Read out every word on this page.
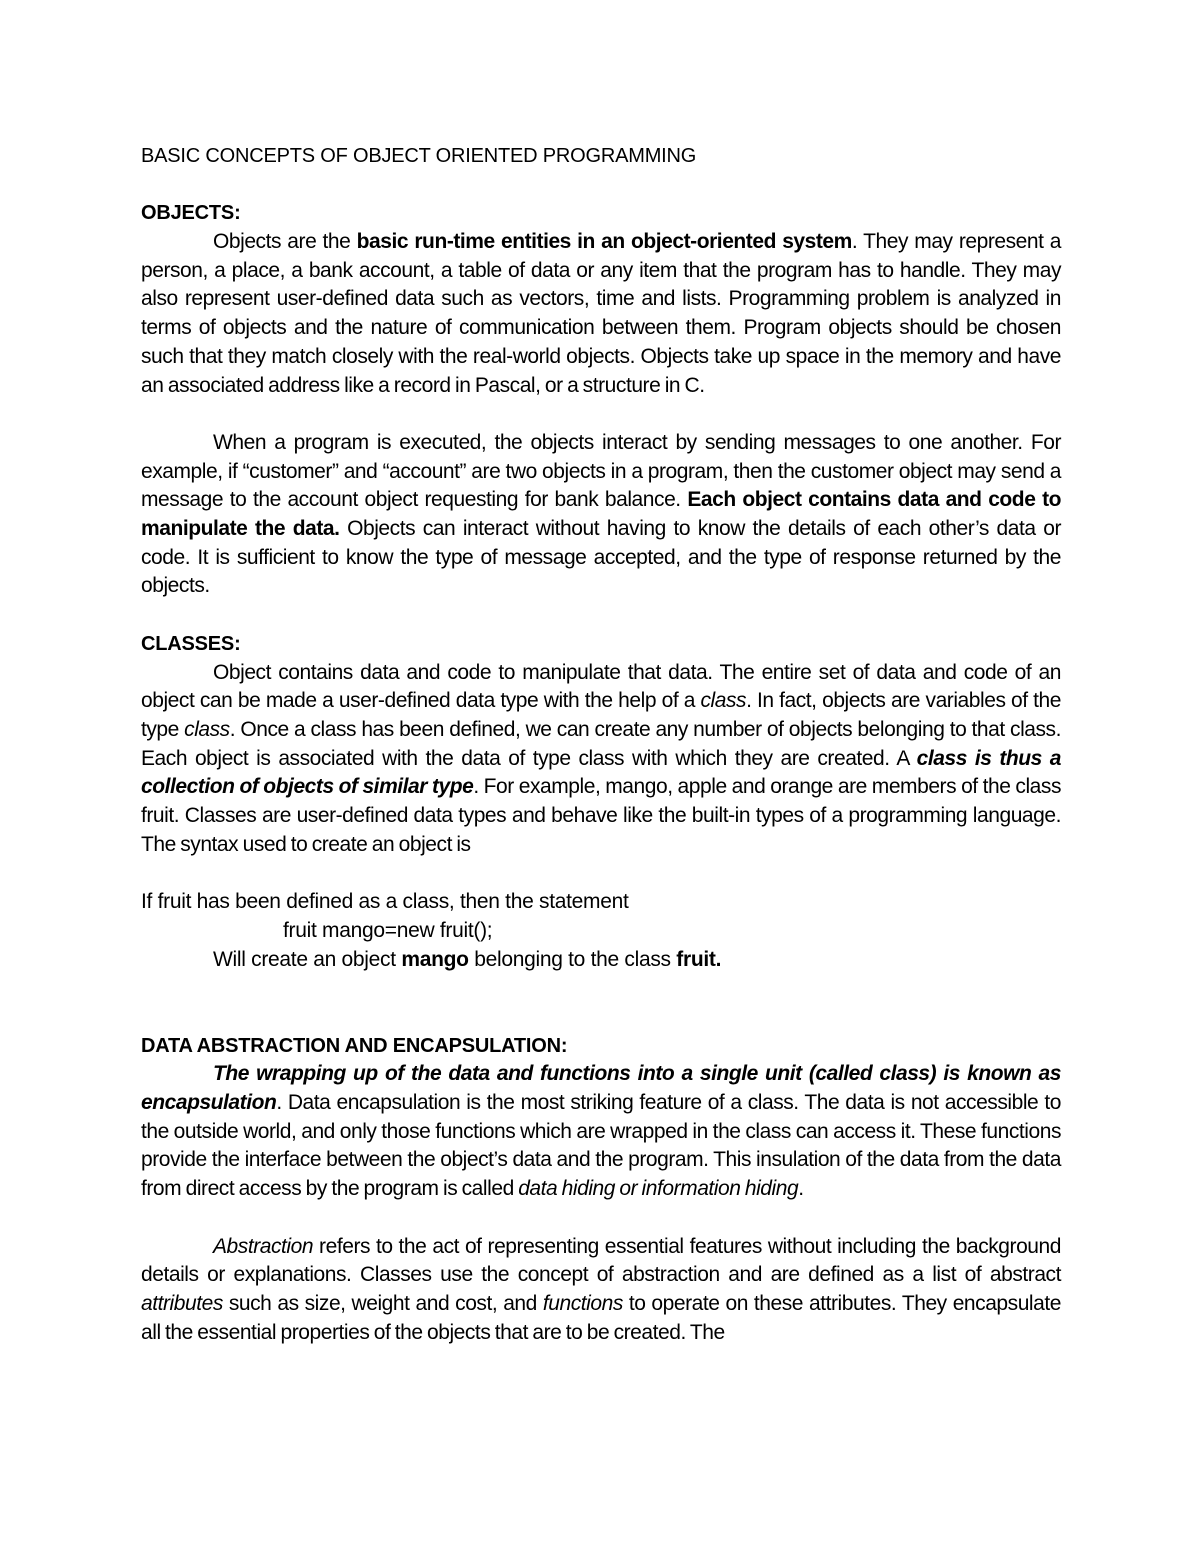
BASIC CONCEPTS OF OBJECT ORIENTED PROGRAMMING

OBJECTS:

Objects are the basic run-time entities in an object-oriented system. They may represent a person, a place, a bank account, a table of data or any item that the program has to handle. They may also represent user-defined data such as vectors, time and lists. Programming problem is analyzed in terms of objects and the nature of communication between them. Program objects should be chosen such that they match closely with the real-world objects. Objects take up space in the memory and have an associated address like a record in Pascal, or a structure in C.

When a program is executed, the objects interact by sending messages to one another. For example, if “customer” and “account” are two objects in a program, then the customer object may send a message to the account object requesting for bank balance. Each object contains data and code to manipulate the data. Objects can interact without having to know the details of each other’s data or code. It is sufficient to know the type of message accepted, and the type of response returned by the objects.

CLASSES:

Object contains data and code to manipulate that data. The entire set of data and code of an object can be made a user-defined data type with the help of a class. In fact, objects are variables of the type class. Once a class has been defined, we can create any number of objects belonging to that class. Each object is associated with the data of type class with which they are created. A class is thus a collection of objects of similar type. For example, mango, apple and orange are members of the class fruit. Classes are user-defined data types and behave like the built-in types of a programming language. The syntax used to create an object is

If fruit has been defined as a class, then the statement

fruit mango=new fruit();

Will create an object mango belonging to the class fruit.

DATA ABSTRACTION AND ENCAPSULATION:

The wrapping up of the data and functions into a single unit (called class) is known as encapsulation. Data encapsulation is the most striking feature of a class. The data is not accessible to the outside world, and only those functions which are wrapped in the class can access it. These functions provide the interface between the object’s data and the program. This insulation of the data from the data from direct access by the program is called data hiding or information hiding.

Abstraction refers to the act of representing essential features without including the background details or explanations. Classes use the concept of abstraction and are defined as a list of abstract attributes such as size, weight and cost, and functions to operate on these attributes. They encapsulate all the essential properties of the objects that are to be created. The
